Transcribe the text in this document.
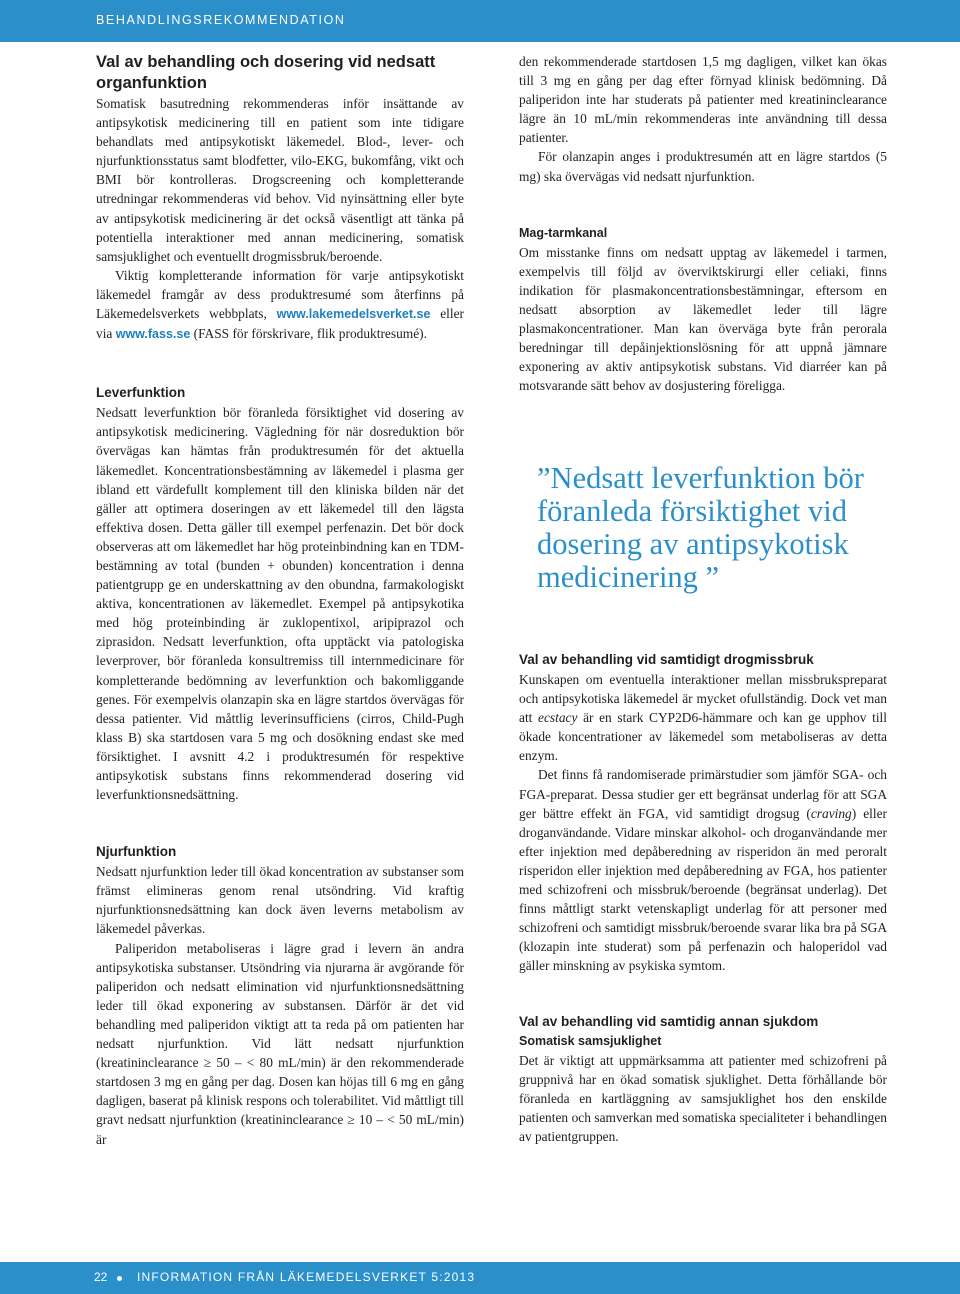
BEHANDLINGSREKOMMENDATION
Val av behandling och dosering vid nedsatt organfunktion

Somatisk basutredning rekommenderas inför insättande av antipsykotisk medicinering till en patient som inte tidigare behandlats med antipsykotiskt läkemedel. Blod-, lever- och njurfunktionsstatus samt blodfetter, vilo-EKG, bukomfång, vikt och BMI bör kontrolleras. Drogscreening och kompletterande utredningar rekommenderas vid behov. Vid nyinsättning eller byte av antipsykotisk medicinering är det också väsentligt att tänka på potentiella interaktioner med annan medicinering, somatisk samsjuklighet och eventuellt drogmissbruk/beroende.

Viktig kompletterande information för varje antipsykotiskt läkemedel framgår av dess produktresumé som återfinns på Läkemedelsverkets webbplats, www.lakemedelsverket.se eller via www.fass.se (FASS för förskrivare, flik produktresumé).

Leverfunktion

Nedsatt leverfunktion bör föranleda försiktighet vid dosering av antipsykotisk medicinering. Vägledning för när dosreduktion bör övervägas kan hämtas från produktresumén för det aktuella läkemedlet. Koncentrationsbestämning av läkemedel i plasma ger ibland ett värdefullt komplement till den kliniska bilden när det gäller att optimera doseringen av ett läkemedel till den lägsta effektiva dosen. Detta gäller till exempel perfenazin. Det bör dock observeras att om läkemedlet har hög proteinbindning kan en TDM-bestämning av total (bunden + obunden) koncentration i denna patientgrupp ge en underskattning av den obundna, farmakologiskt aktiva, koncentrationen av läkemedlet. Exempel på antipsykotika med hög proteinbinding är zuklopentixol, aripiprazol och ziprasidon. Nedsatt leverfunktion, ofta upptäckt via patologiska leverprover, bör föranleda konsultremiss till internmedicinare för kompletterande bedömning av leverfunktion och bakomliggande genes. För exempelvis olanzapin ska en lägre startdos övervägas för dessa patienter. Vid måttlig leverinsufficiens (cirros, Child-Pugh klass B) ska startdosen vara 5 mg och dosökning endast ske med försiktighet. I avsnitt 4.2 i produktresumén för respektive antipsykotisk substans finns rekommenderad dosering vid leverfunktionsnedsättning.

Njurfunktion

Nedsatt njurfunktion leder till ökad koncentration av substanser som främst elimineras genom renal utsöndring. Vid kraftig njurfunktionsnedsättning kan dock även leverns metabolism av läkemedel påverkas.

Paliperidon metaboliseras i lägre grad i levern än andra antipsykotiska substanser. Utsöndring via njurarna är avgörande för paliperidon och nedsatt elimination vid njurfunktionsnedsättning leder till ökad exponering av substansen. Därför är det vid behandling med paliperidon viktigt att ta reda på om patienten har nedsatt njurfunktion. Vid lätt nedsatt njurfunktion (kreatininclearance ≥ 50 – < 80 mL/min) är den rekommenderade startdosen 3 mg en gång per dag. Dosen kan höjas till 6 mg en gång dagligen, baserat på klinisk respons och tolerabilitet. Vid måttligt till gravt nedsatt njurfunktion (kreatininclearance ≥ 10 – < 50 mL/min) är

den rekommenderade startdosen 1,5 mg dagligen, vilket kan ökas till 3 mg en gång per dag efter förnyad klinisk bedömning. Då paliperidon inte har studerats på patienter med kreatininclearance lägre än 10 mL/min rekommenderas inte användning till dessa patienter.

För olanzapin anges i produktresumén att en lägre startdos (5 mg) ska övervägas vid nedsatt njurfunktion.

Mag-tarmkanal

Om misstanke finns om nedsatt upptag av läkemedel i tarmen, exempelvis till följd av överviktskirurgi eller celiaki, finns indikation för plasmakoncentrationsbestämningar, eftersom en nedsatt absorption av läkemedlet leder till lägre plasmakoncentrationer. Man kan överväga byte från perorala beredningar till depåinjektionslösning för att uppnå jämnare exponering av aktiv antipsykotisk substans. Vid diarréer kan på motsvarande sätt behov av dosjustering föreligga.

”Nedsatt leverfunktion bör föranleda försiktighet vid dosering av antipsykotisk medicinering ”

Val av behandling vid samtidigt drogmissbruk

Kunskapen om eventuella interaktioner mellan missbrukspreparat och antipsykotiska läkemedel är mycket ofullständig. Dock vet man att ecstacy är en stark CYP2D6-hämmare och kan ge upphov till ökade koncentrationer av läkemedel som metaboliseras av detta enzym.

Det finns få randomiserade primärstudier som jämför SGA- och FGA-preparat. Dessa studier ger ett begränsat underlag för att SGA ger bättre effekt än FGA, vid samtidigt drogsug (craving) eller droganvändande. Vidare minskar alkohol- och droganvändande mer efter injektion med depåberedning av risperidon än med peroralt risperidon eller injektion med depåberedning av FGA, hos patienter med schizofreni och missbruk/beroende (begränsat underlag). Det finns måttligt starkt vetenskapligt underlag för att personer med schizofreni och samtidigt missbruk/beroende svarar lika bra på SGA (klozapin inte studerat) som på perfenazin och haloperidol vad gäller minskning av psykiska symtom.

Val av behandling vid samtidig annan sjukdom
Somatisk samsjuklighet

Det är viktigt att uppmärksamma att patienter med schizofreni på gruppnivå har en ökad somatisk sjuklighet. Detta förhållande bör föranleda en kartläggning av samsjuklighet hos den enskilde patienten och samverkan med somatiska specialiteter i behandlingen av patientgruppen.

22 INFORMATION FRÅN LÄKEMEDELSVERKET 5:2013
